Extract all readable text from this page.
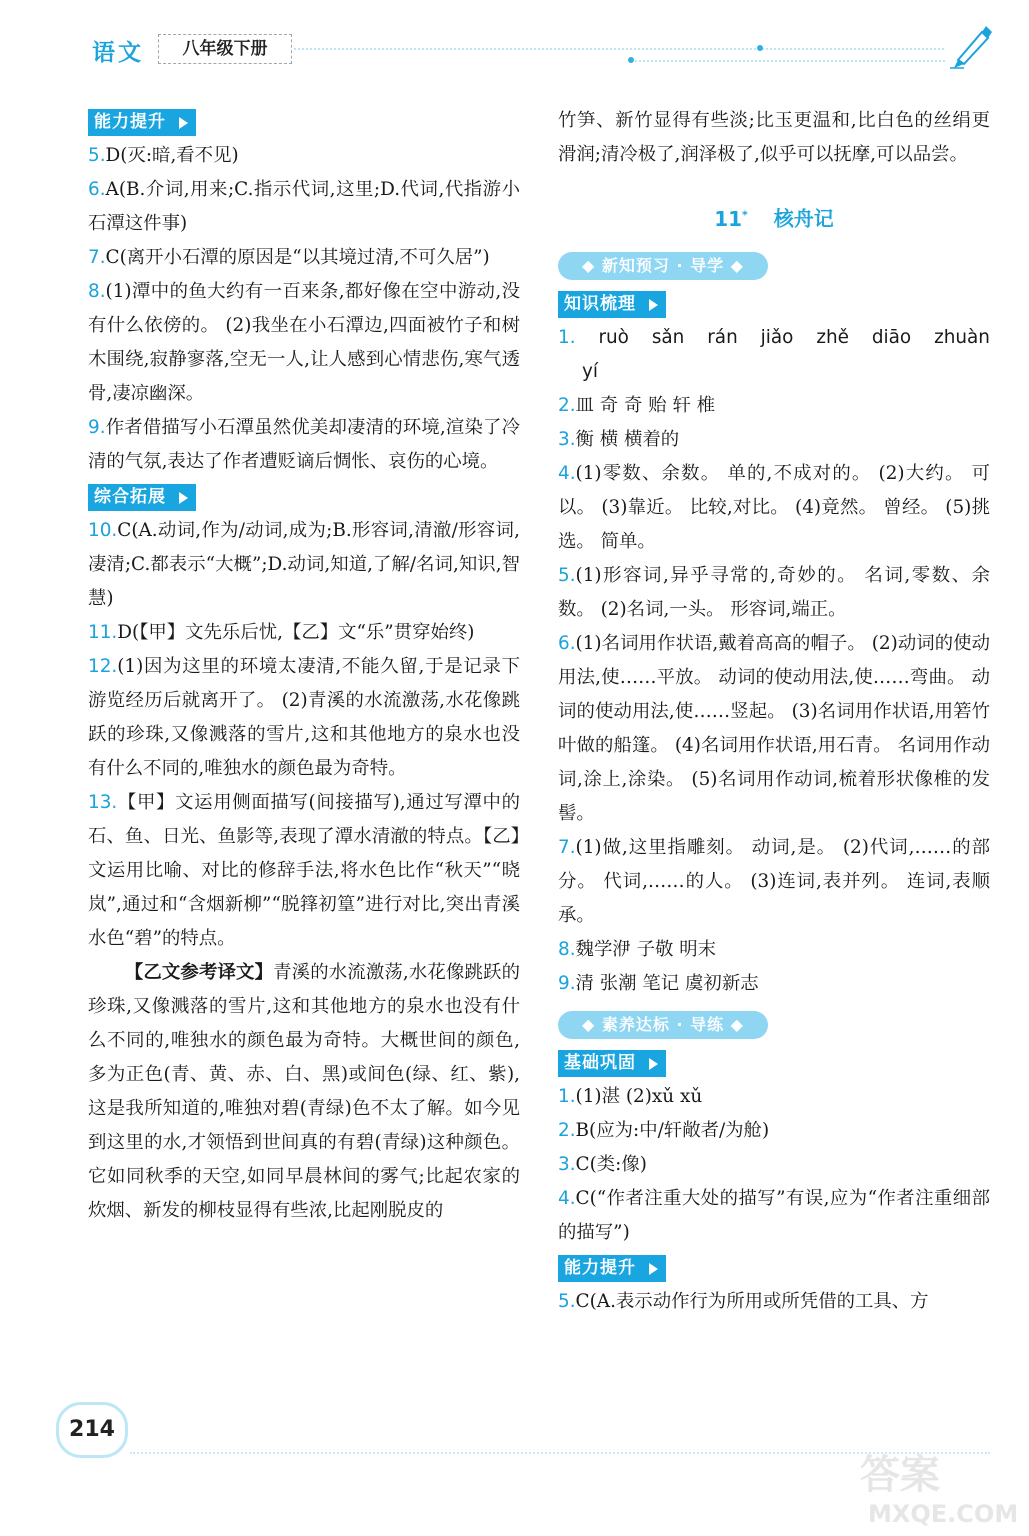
语文	八年级下册
能力提升

5.D(灭:暗,看不见)

6.A(B.介词,用来;C.指示代词,这里;D.代词,代指游小石潭这件事)

7.C(离开小石潭的原因是“以其境过清,不可久居”)

8.(1)潭中的鱼大约有一百来条,都好像在空中游动,没有什么依傍的。 (2)我坐在小石潭边,四面被竹子和树木围绕,寂静寥落,空无一人,让人感到心情悲伤,寒气透骨,凄凉幽深。

9.作者借描写小石潭虽然优美却凄清的环境,渲染了冷清的气氛,表达了作者遭贬谪后惆怅、哀伤的心境。

综合拓展

10.C(A.动词,作为/动词,成为;B.形容词,清澈/形容词,凄清;C.都表示“大概”;D.动词,知道,了解/名词,知识,智慧)

11.D(【甲】文先乐后忧,【乙】文“乐”贯穿始终)

12.(1)因为这里的环境太凄清,不能久留,于是记录下游览经历后就离开了。 (2)青溪的水流激荡,水花像跳跃的珍珠,又像溅落的雪片,这和其他地方的泉水也没有什么不同的,唯独水的颜色最为奇特。

13.【甲】文运用侧面描写(间接描写),通过写潭中的石、鱼、日光、鱼影等,表现了潭水清澈的特点。【乙】文运用比喻、对比的修辞手法,将水色比作“秋天”“晓岚”,通过和“含烟新柳”“脱箨初篁”进行对比,突出青溪水色“碧”的特点。

【乙文参考译文】青溪的水流激荡,水花像跳跃的珍珠,又像溅落的雪片,这和其他地方的泉水也没有什么不同的,唯独水的颜色最为奇特。大概世间的颜色,多为正色(青、黄、赤、白、黑)或间色(绿、红、紫),这是我所知道的,唯独对碧(青绿)色不太了解。如今见到这里的水,才领悟到世间真的有碧(青绿)这种颜色。它如同秋季的天空,如同早晨林间的雾气;比起农家的炊烟、新发的柳枝显得有些浓,比起刚脱皮的

竹笋、新竹显得有些淡;比玉更温和,比白色的丝绢更滑润;清冷极了,润泽极了,似乎可以抚摩,可以品尝。

11* 核舟记
◆ 新知预习 · 导学 ◆
知识梳理
1. ruò sǎn rán jiǎo zhě diāo zhuàn
yí

2.皿 奇 奇 贻 轩 椎

3.衡 横 横着的

4.(1)零数、余数。 单的,不成对的。 (2)大约。 可以。 (3)靠近。 比较,对比。 (4)竟然。 曾经。 (5)挑选。 简单。

5.(1)形容词,异乎寻常的,奇妙的。 名词,零数、余数。 (2)名词,一头。 形容词,端正。

6.(1)名词用作状语,戴着高高的帽子。 (2)动词的使动用法,使……平放。 动词的使动用法,使……弯曲。 动词的使动用法,使……竖起。 (3)名词用作状语,用箬竹叶做的船篷。 (4)名词用作状语,用石青。 名词用作动词,涂上,涂染。 (5)名词用作动词,梳着形状像椎的发髻。

7.(1)做,这里指雕刻。 动词,是。 (2)代词,……的部分。 代词,……的人。 (3)连词,表并列。 连词,表顺承。

8.魏学洢 子敬 明末

9.清 张潮 笔记 虞初新志

◆ 素养达标 · 导练 ◆
基础巩固

1.(1)湛 (2)xǔ xǔ

2.B(应为:中/轩敞者/为舱)

3.C(类:像)

4.C(“作者注重大处的描写”有误,应为“作者注重细部的描写”)

能力提升

5.C(A.表示动作行为所用或所凭借的工具、方

214
答案
MXQE.COM
